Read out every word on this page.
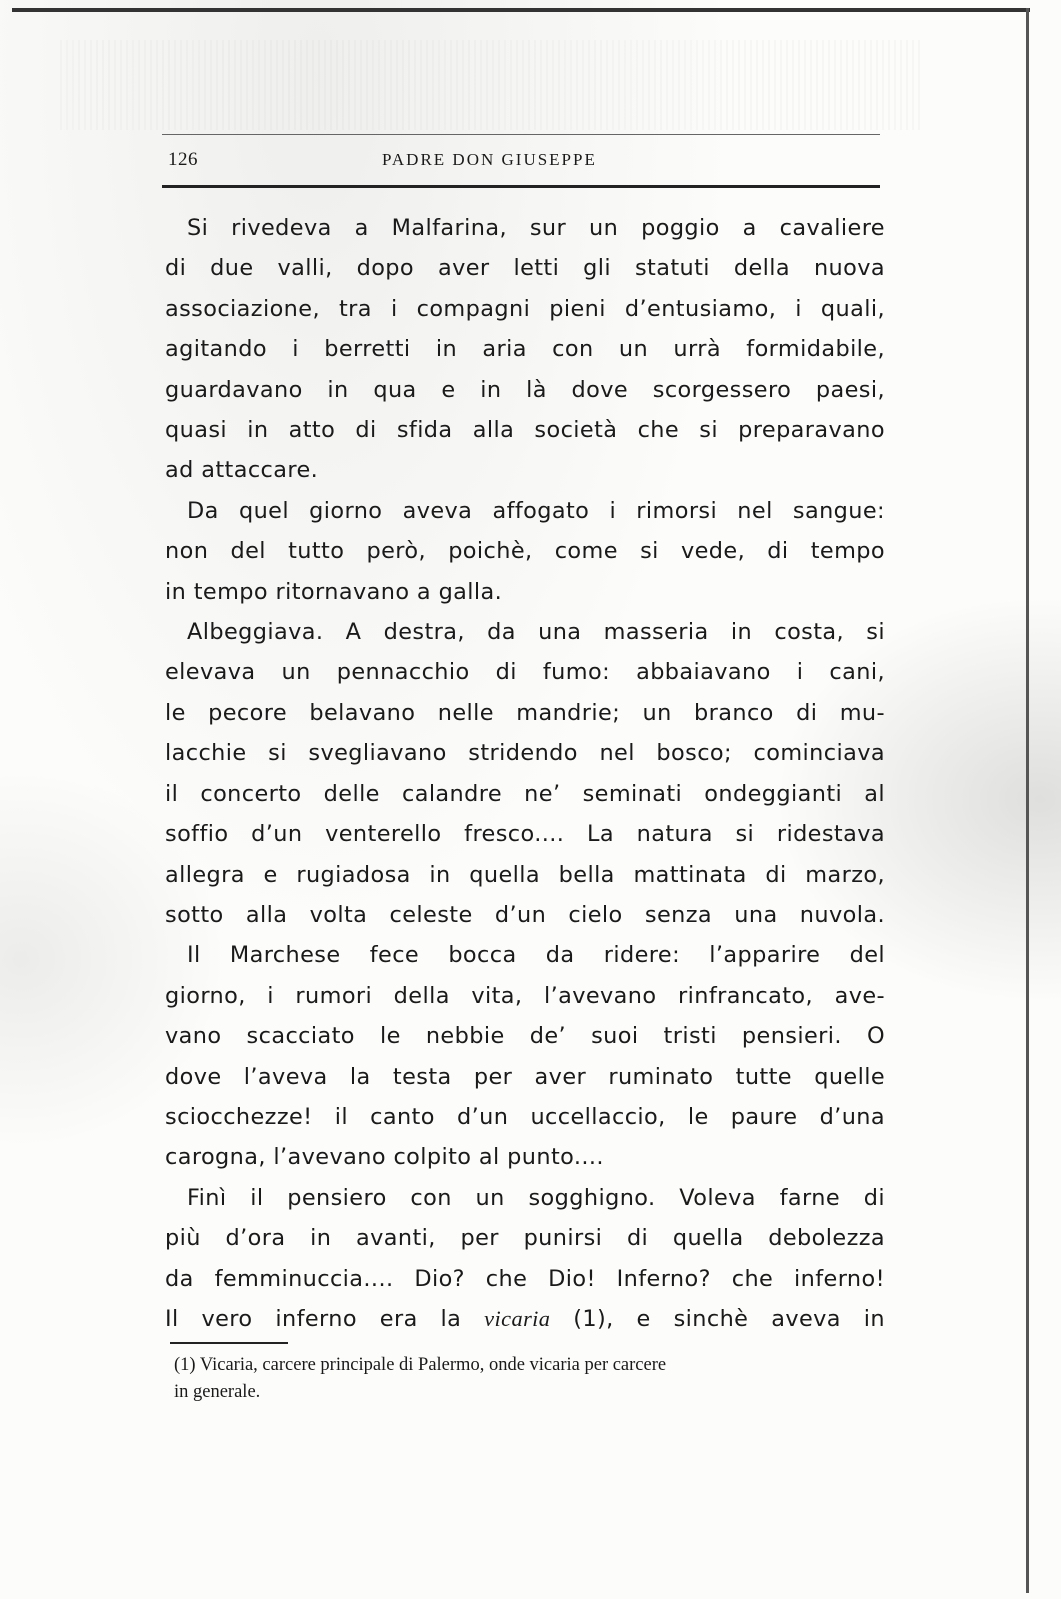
126	PADRE DON GIUSEPPE

Si rivedeva a Malfarina, sur un poggio a cavaliere
di due valli, dopo aver letti gli statuti della nuova
associazione, tra i compagni pieni d’entusiamo, i quali,
agitando i berretti in aria con un urrà formidabile,
guardavano in qua e in là dove scorgessero paesi,
quasi in atto di sfida alla società che si preparavano
ad attaccare.

Da quel giorno aveva affogato i rimorsi nel sangue:
non del tutto però, poichè, come si vede, di tempo
in tempo ritornavano a galla.

Albeggiava. A destra, da una masseria in costa, si
elevava un pennacchio di fumo: abbaiavano i cani,
le pecore belavano nelle mandrie; un branco di mu-
lacchie si svegliavano stridendo nel bosco; cominciava
il concerto delle calandre ne’ seminati ondeggianti al
soffio d’un venterello fresco.... La natura si ridestava
allegra e rugiadosa in quella bella mattinata di marzo,
sotto alla volta celeste d’un cielo senza una nuvola.

Il Marchese fece bocca da ridere: l’apparire del
giorno, i rumori della vita, l’avevano rinfrancato, ave-
vano scacciato le nebbie de’ suoi tristi pensieri. O
dove l’aveva la testa per aver ruminato tutte quelle
sciocchezze! il canto d’un uccellaccio, le paure d’una
carogna, l’avevano colpito al punto....

Finì il pensiero con un sogghigno. Voleva farne di
più d’ora in avanti, per punirsi di quella debolezza
da femminuccia.... Dio? che Dio! Inferno? che inferno!
Il vero inferno era la vicaria (1), e sinchè aveva in

(1) Vicaria, carcere principale di Palermo, onde vicaria per carcere
in generale.
